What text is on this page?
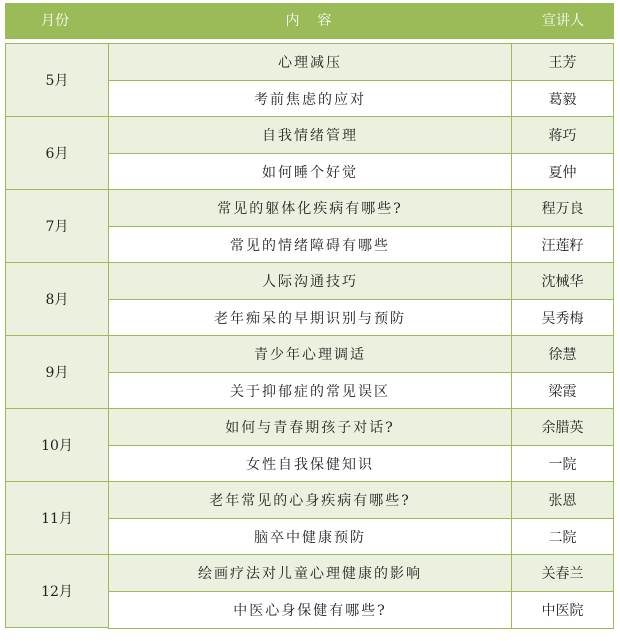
月份	内容	宣讲人
5月
心理减压	王芳
考前焦虑的应对	葛毅
6月
自我情绪管理	蒋巧
如何睡个好觉	夏仲
7月
常见的躯体化疾病有哪些?	程万良
常见的情绪障碍有哪些	汪莲籽
8月
人际沟通技巧	沈械华
老年痴呆的早期识别与预防	吴秀梅
9月
青少年心理调适	徐慧
关于抑郁症的常见误区	梁霞
10月
如何与青春期孩子对话?	余腊英
女性自我保健知识	一院
11月
老年常见的心身疾病有哪些?	张恩
脑卒中健康预防	二院
12月
绘画疗法对儿童心理健康的影响	关春兰
中医心身保健有哪些?	中医院
